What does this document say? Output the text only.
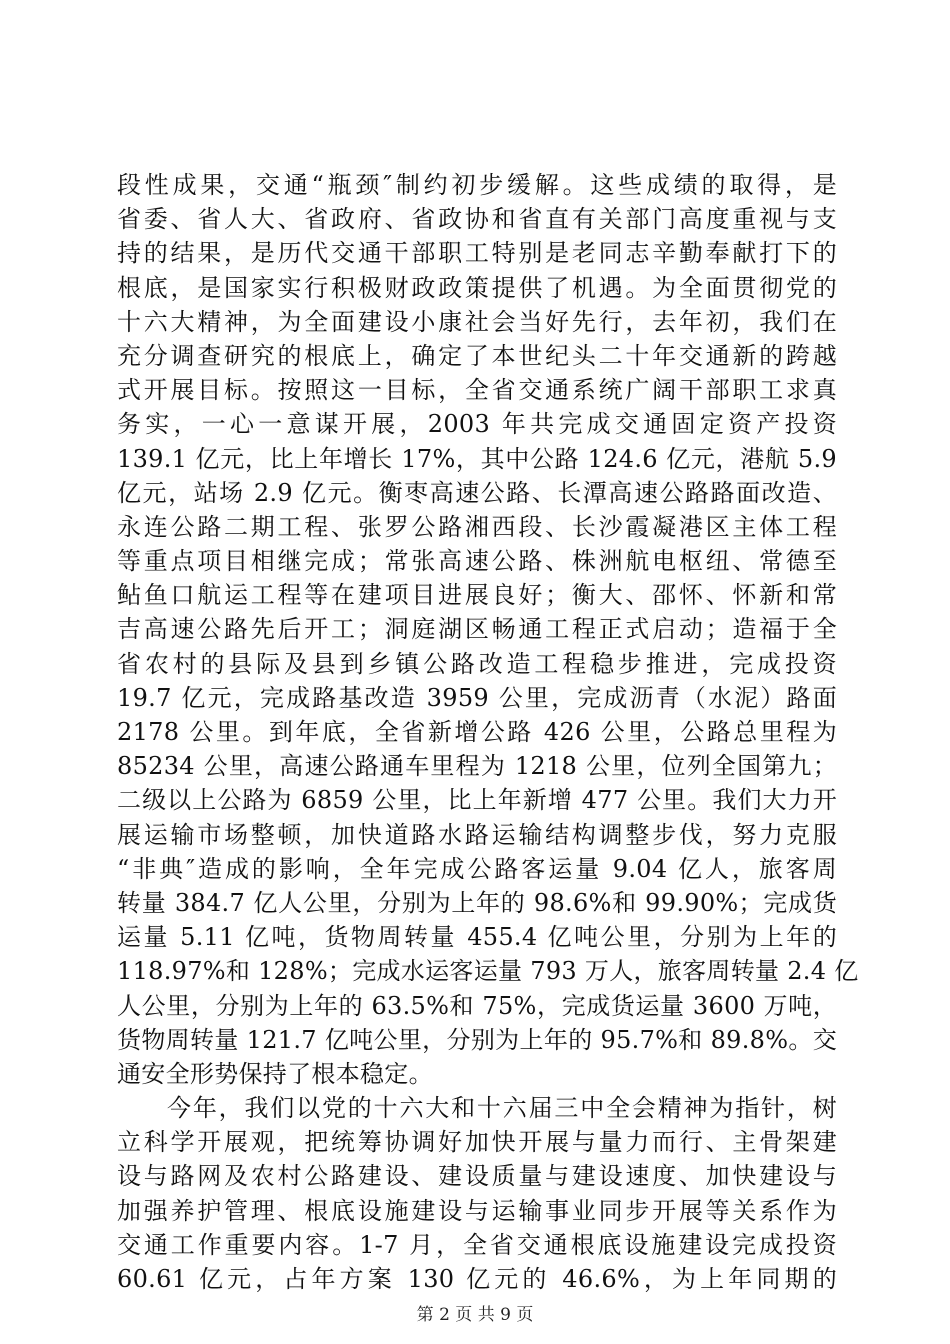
段性成果，交通“瓶颈″制约初步缓解。这些成绩的取得，是
省委、省人大、省政府、省政协和省直有关部门高度重视与支
持的结果，是历代交通干部职工特别是老同志辛勤奉献打下的
根底，是国家实行积极财政政策提供了机遇。为全面贯彻党的
十六大精神，为全面建设小康社会当好先行，去年初，我们在
充分调查研究的根底上，确定了本世纪头二十年交通新的跨越
式开展目标。按照这一目标，全省交通系统广阔干部职工求真
务实，一心一意谋开展，2003 年共完成交通固定资产投资
139.1 亿元，比上年增长 17%，其中公路 124.6 亿元，港航 5.9
亿元，站场 2.9 亿元。衡枣高速公路、长潭高速公路路面改造、
永连公路二期工程、张罗公路湘西段、长沙霞凝港区主体工程
等重点项目相继完成；常张高速公路、株洲航电枢纽、常德至
鲇鱼口航运工程等在建项目进展良好；衡大、邵怀、怀新和常
吉高速公路先后开工；洞庭湖区畅通工程正式启动；造福于全
省农村的县际及县到乡镇公路改造工程稳步推进，完成投资
19.7 亿元，完成路基改造 3959 公里，完成沥青（水泥）路面
2178 公里。到年底，全省新增公路 426 公里，公路总里程为
85234 公里，高速公路通车里程为 1218 公里，位列全国第九；
二级以上公路为 6859 公里，比上年新增 477 公里。我们大力开
展运输市场整顿，加快道路水路运输结构调整步伐，努力克服
“非典″造成的影响，全年完成公路客运量 9.04 亿人，旅客周
转量 384.7 亿人公里，分别为上年的 98.6%和 99.90%；完成货
运量 5.11 亿吨，货物周转量 455.4 亿吨公里，分别为上年的
118.97%和 128%；完成水运客运量 793 万人，旅客周转量 2.4 亿
人公里，分别为上年的 63.5%和 75%，完成货运量 3600 万吨，
货物周转量 121.7 亿吨公里，分别为上年的 95.7%和 89.8%。交
通安全形势保持了根本稳定。
今年，我们以党的十六大和十六届三中全会精神为指针，树
立科学开展观，把统筹协调好加快开展与量力而行、主骨架建
设与路网及农村公路建设、建设质量与建设速度、加快建设与
加强养护管理、根底设施建设与运输事业同步开展等关系作为
交通工作重要内容。1-7 月，全省交通根底设施建设完成投资
60.61 亿元，占年方案 130 亿元的 46.6%，为上年同期的
第 2 页 共 9 页
